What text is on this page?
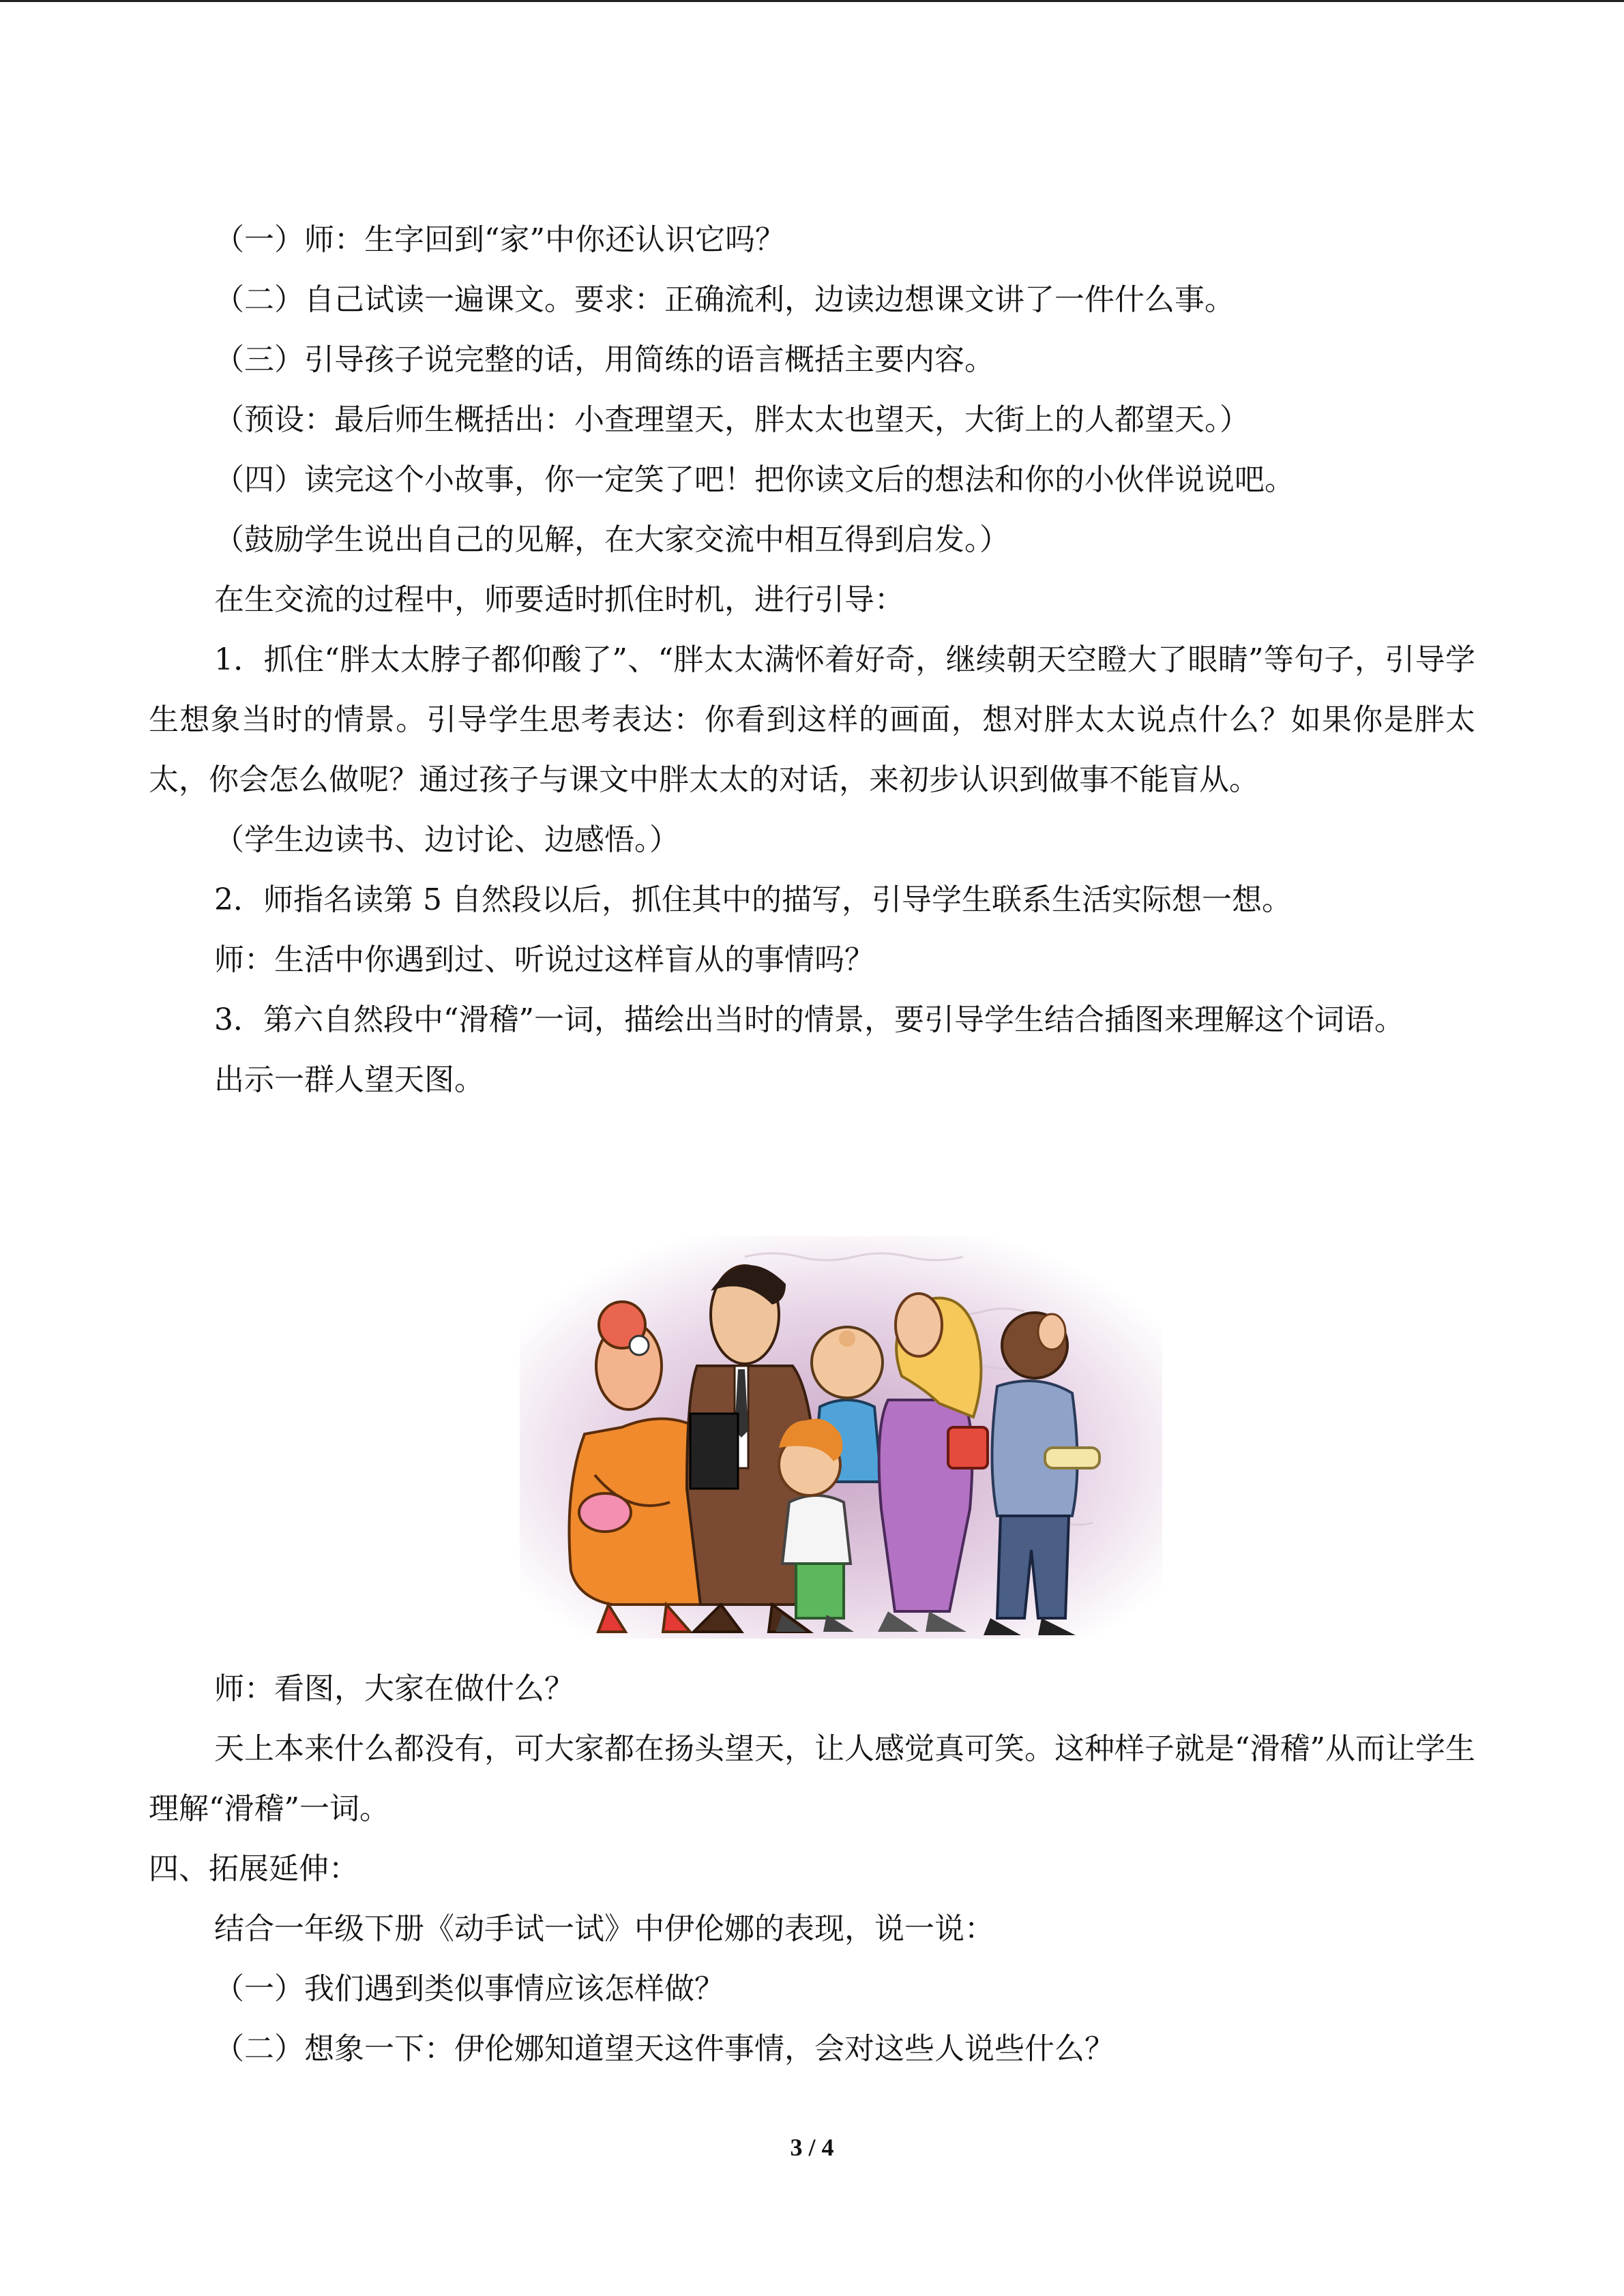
（一）师：生字回到“家”中你还认识它吗？

（二）自己试读一遍课文。要求：正确流利，边读边想课文讲了一件什么事。

（三）引导孩子说完整的话，用简练的语言概括主要内容。

（预设：最后师生概括出：小查理望天，胖太太也望天，大街上的人都望天。）

（四）读完这个小故事，你一定笑了吧！把你读文后的想法和你的小伙伴说说吧。

（鼓励学生说出自己的见解，在大家交流中相互得到启发。）

在生交流的过程中，师要适时抓住时机，进行引导：

1．抓住“胖太太脖子都仰酸了”、“胖太太满怀着好奇，继续朝天空瞪大了眼睛”等句子，引导学生想象当时的情景。引导学生思考表达：你看到这样的画面，想对胖太太说点什么？如果你是胖太太，你会怎么做呢？通过孩子与课文中胖太太的对话，来初步认识到做事不能盲从。

（学生边读书、边讨论、边感悟。）

2．师指名读第 5 自然段以后，抓住其中的描写，引导学生联系生活实际想一想。

师：生活中你遇到过、听说过这样盲从的事情吗？

3．第六自然段中“滑稽”一词，描绘出当时的情景，要引导学生结合插图来理解这个词语。

出示一群人望天图。

师：看图，大家在做什么？

天上本来什么都没有，可大家都在扬头望天，让人感觉真可笑。这种样子就是“滑稽”从而让学生理解“滑稽”一词。

四、拓展延伸：

结合一年级下册《动手试一试》中伊伦娜的表现，说一说：

（一）我们遇到类似事情应该怎样做？

（二）想象一下：伊伦娜知道望天这件事情，会对这些人说些什么？

3 / 4
